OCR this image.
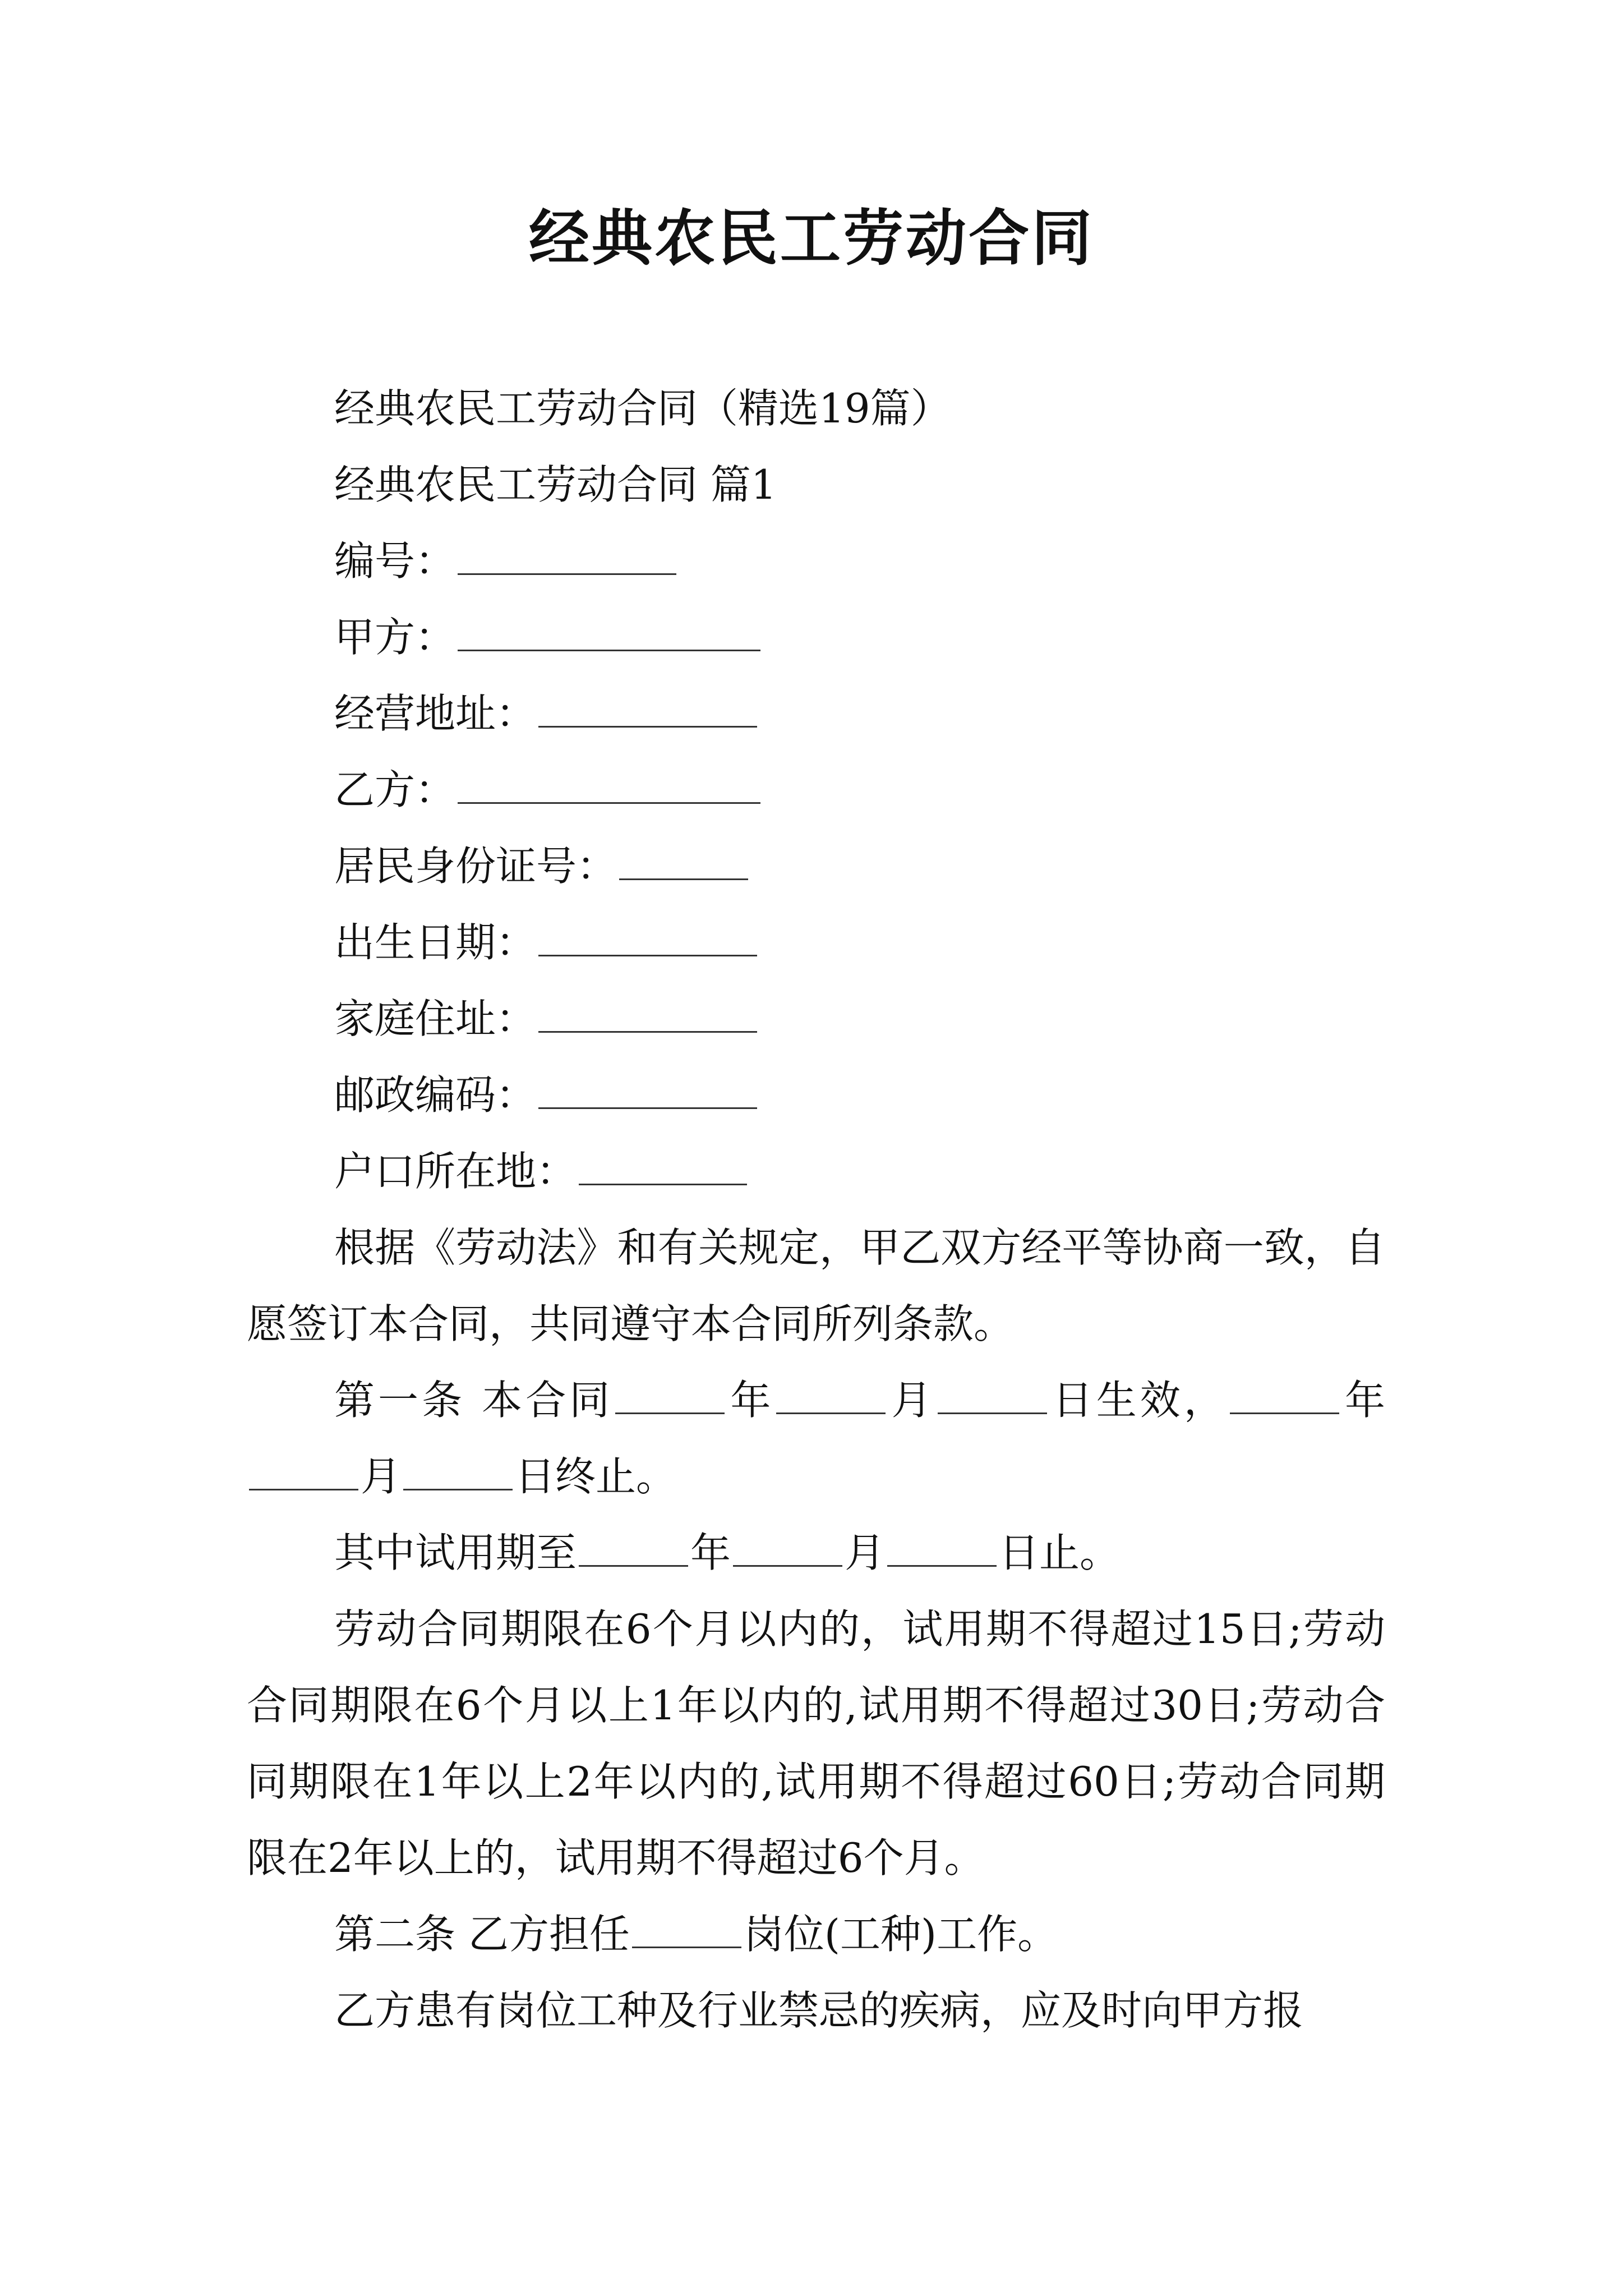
经典农民工劳动合同
经典农民工劳动合同（精选19篇）
经典农民工劳动合同 篇1
编号：
甲方：
经营地址：
乙方：
居民身份证号：
出生日期：
家庭住址：
邮政编码：
户口所在地：
根据《劳动法》和有关规定，甲乙双方经平等协商一致，自愿签订本合同，共同遵守本合同所列条款。
第一条 本合同	年	月	日生效，	年月	日终止。
其中试用期至	年	月	日止。
劳动合同期限在6个月以内的，试用期不得超过15日;劳动合同期限在6个月以上1年以内的,试用期不得超过30日;劳动合同期限在1年以上2年以内的,试用期不得超过60日;劳动合同期限在2年以上的，试用期不得超过6个月。
第二条 乙方担任	岗位(工种)工作。
乙方患有岗位工种及行业禁忌的疾病，应及时向甲方报
